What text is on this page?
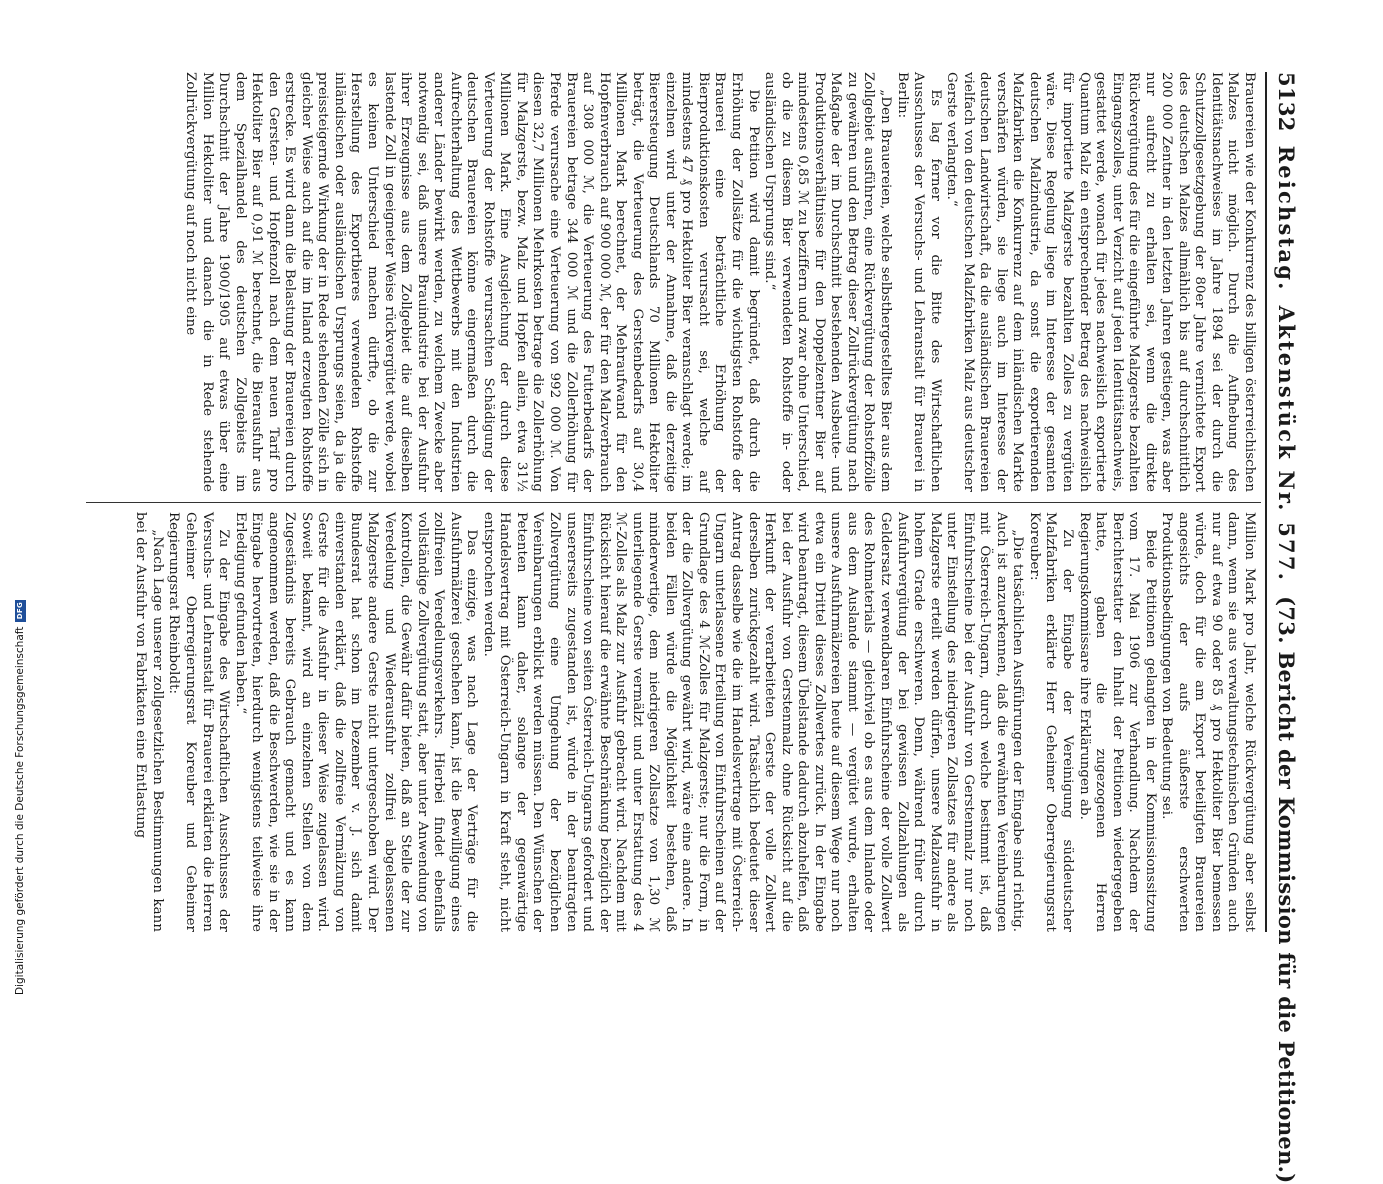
5132
Reichstag.
Aktenstück Nr. 577.
(73. Bericht der Kommission für die Petitionen.)

Brauereien wie der Konkurrenz des billigen österreichischen Malzes nicht möglich. Durch die Aufhebung des Identitätsnachweises im Jahre 1894 sei der durch die Schutzzollgesetzgebung der 80er Jahre vernichtete Export des deutschen Malzes allmählich bis auf durchschnittlich 200 000 Zentner in den letzten Jahren gestiegen, was aber nur aufrecht zu erhalten sei, wenn die direkte Rückvergütung des für die eingeführte Malzgerste bezahlten Eingangszolles, unter Verzicht auf jeden Identitätsnachweis, gestattet werde, wonach für jedes nachweislich exportierte Quantum Malz ein entsprechender Betrag des nachweislich für importierte Malzgerste bezahlten Zolles zu vergüten wäre. Diese Regelung liege im Interesse der gesamten deutschen Malzindustrie, da sonst die exportierenden Malzfabriken die Konkurrenz auf dem inländischen Markte verschärfen würden, sie liege auch im Interesse der deutschen Landwirtschaft, da die ausländischen Brauereien vielfach von den deutschen Malzfabriken Malz aus deutscher Gerste verlangten.“

Es lag ferner vor die Bitte des Wirtschaftlichen Ausschusses der Versuchs- und Lehranstalt für Brauerei in Berlin:

„Den Brauereien, welche selbsthergestelltes Bier aus dem Zollgebiet ausführen, eine Rückvergütung der Rohstoffzölle zu gewähren und den Betrag dieser Zollrückvergütung nach Maßgabe der im Durchschnitt bestehenden Ausbeute- und Produktionsverhältnisse für den Doppelzentner Bier auf mindestens 0,85 ℳ zu beziffern und zwar ohne Unterschied, ob die zu diesem Bier verwendeten Rohstoffe in- oder ausländischen Ursprungs sind.“

Die Petition wird damit begründet, daß durch die Erhöhung der Zollsätze für die wichtigsten Rohstoffe der Brauerei eine beträchtliche Erhöhung der Bierproduktionskosten verursacht sei, welche auf mindestens 47 ₰ pro Hektoliter Bier veranschlagt werde; im einzelnen wird unter der Annahme, daß die derzeitige Bierersteugung Deutschlands 70 Millionen Hektoliter beträgt, die Verteuerung des Gerstenbedarfs auf 30,4 Millionen Mark berechnet, der Mehraufwand für den Hopfenverbrauch auf 900 000 ℳ, der für den Malzverbrauch auf 308 000 ℳ, die Verteuerung des Futterbedarfs der Brauereien betrage 344 000 ℳ und die Zollerhöhung für Pferde verursache eine Verteuerung von 992 000 ℳ. Von diesen 32,7 Millionen Mehrkosten betrage die Zollerhöhung für Malzgerste, bezw. Malz und Hopfen allein, etwa 31½ Millionen Mark. Eine Ausgleichung der durch diese Verteuerung der Rohstoffe verursachten Schädigung der deutschen Brauereien könne eingermaßen durch die Aufrechterhaltung des Wettbewerbs mit den Industrien anderer Länder bewirkt werden, zu welchem Zwecke aber notwendig sei, daß unsere Brauindustrie bei der Ausfuhr ihrer Erzeugnisse aus dem Zollgebiet die auf dieselben lastende Zoll in geeigneter Weise rückvergütet werde, wobei es keinen Unterschied machen dürfte, ob die zur Herstellung des Exportbieres verwendeten Rohstoffe inländischen oder ausländischen Ursprungs seien, da ja die preissteigernde Wirkung der in Rede stehenden Zölle sich in gleicher Weise auch auf die im Inland erzeugten Rohstoffe erstrecke. Es wird dann die Belastung der Brauereien durch den Gersten- und Hopfenzoll nach dem neuen Tarif pro Hektoliter Bier auf 0,91 ℳ berechnet, die Bierausfuhr aus dem Spezialhandel des deutschen Zollgebiets im Durchschnitt der Jahre 1900/1905 auf etwas über eine Million Hektoliter und danach die in Rede stehende Zollrückvergütung auf noch nicht eine

Million Mark pro Jahr, welche Rückvergütung aber selbst dann, wenn sie aus verwaltungstechnischen Gründen auch nur auf etwa 90 oder 85 ₰ pro Hektoliter Bier bemessen würde, doch für die am Export beteiligten Brauereien angesichts der aufs äußerste erschwerten Produktionsbedingungen von Bedeutung sei.

Beide Petitionen gelangten in der Kommissionssitzung vom 17. Mai 1906 zur Verhandlung. Nachdem der Berichterstatter den Inhalt der Petitionen wiedergegeben hatte, gaben die zugezogenen Herren Regierungskommissare ihre Erklärungen ab.

Zu der Eingabe der Vereinigung süddeutscher Malzfabriken erklärte Herr Geheimer Oberregierungsrat Koreuber:

„Die tatsächlichen Ausführungen der Eingabe sind richtig. Auch ist anzuerkennen, daß die erwähnten Vereinbarungen mit Österreich-Ungarn, durch welche bestimmt ist, daß Einfuhrscheine bei der Ausfuhr von Gerstenmalz nur noch unter Einstellung des niedrigeren Zollsatzes für andere als Malzgerste erteilt werden dürfen, unsere Malzausfuhr in hohem Grade erschweren. Denn, während früher durch Ausfuhrvergütung der bei gewissen Zollzahlungen als Geldersatz verwendbaren Einfuhrscheine der volle Zollwert des Rohmaterials — gleichviel ob es aus dem Inlande oder aus dem Auslande stammt — vergütet wurde, erhalten unsere Ausfuhrmälzereien heute auf diesem Wege nur noch etwa ein Drittel dieses Zollwertes zurück. In der Eingabe wird beantragt, diesem Übelstande dadurch abzuhelfen, daß bei der Ausfuhr von Gerstenmalz ohne Rücksicht auf die Herkunft der verarbeiteten Gerste der volle Zollwert derselben zurückgezahlt wird. Tatsächlich bedeutet dieser Antrag dasselbe wie die im Handelsvertrage mit Österreich-Ungarn unterlassene Erteilung von Einfuhrscheinen auf der Grundlage des 4 ℳ-Zolles für Malzgerste; nur die Form, in der die Zollvergütung gewährt wird, wäre eine andere. In beiden Fällen würde die Möglichkeit bestehen, daß minderwertige, dem niedrigeren Zollsatze von 1,30 ℳ unterliegende Gerste vermälzt und unter Erstattung des 4 ℳ-Zolles als Malz zur Ausfuhr gebracht wird. Nachdem mit Rücksicht hierauf die erwähnte Beschränkung bezüglich der Einfuhrscheine von seiten Österreich-Ungarns gefordert und unsererseits zugestanden ist, würde in der beantragten Zollvergütung eine Umgehung der bezüglichen Vereinbarungen erblickt werden müssen. Den Wünschen der Petenten kann daher, solange der gegenwärtige Handelsvertrag mit Österreich-Ungarn in Kraft steht, nicht entsprochen werden.

Das einzige, was nach Lage der Verträge für die Ausfuhrmälzerei geschehen kann, ist die Bewilligung eines zollfreien Veredelungsverkehrs. Hierbei findet ebenfalls vollständige Zollvergütung statt, aber unter Anwendung von Kontrollen, die Gewähr dafür bieten, daß an Stelle der zur Veredelung und Wiederausfuhr zollfrei abgelassenen Malzgerste andere Gerste nicht untergeschoben wird. Der Bundesrat hat schon im Dezember v. J. sich damit einverstanden erklärt, daß die zollfreie Vermälzung von Gerste für die Ausfuhr in dieser Weise zugelassen wird. Soweit bekannt, wird an einzelnen Stellen von dem Zugeständnis bereits Gebrauch gemacht und es kann angenommen werden, daß die Beschwerden, wie sie in der Eingabe hervortreten, hierdurch wenigstens teilweise ihre Erledigung gefunden haben.“

Zu der Eingabe des Wirtschaftlichen Ausschusses der Versuchs- und Lehranstalt für Brauerei erklärten die Herren Geheimer Oberregierungsrat Koreuber und Geheimer Regierungsrat Rheinboldt:

„Nach Lage unserer zollgesetzlichen Bestimmungen kann bei der Ausfuhr von Fabrikaten eine Entlastung

Digitalisierung gefördert durch die Deutsche Forschungsgemeinschaft
DFG
